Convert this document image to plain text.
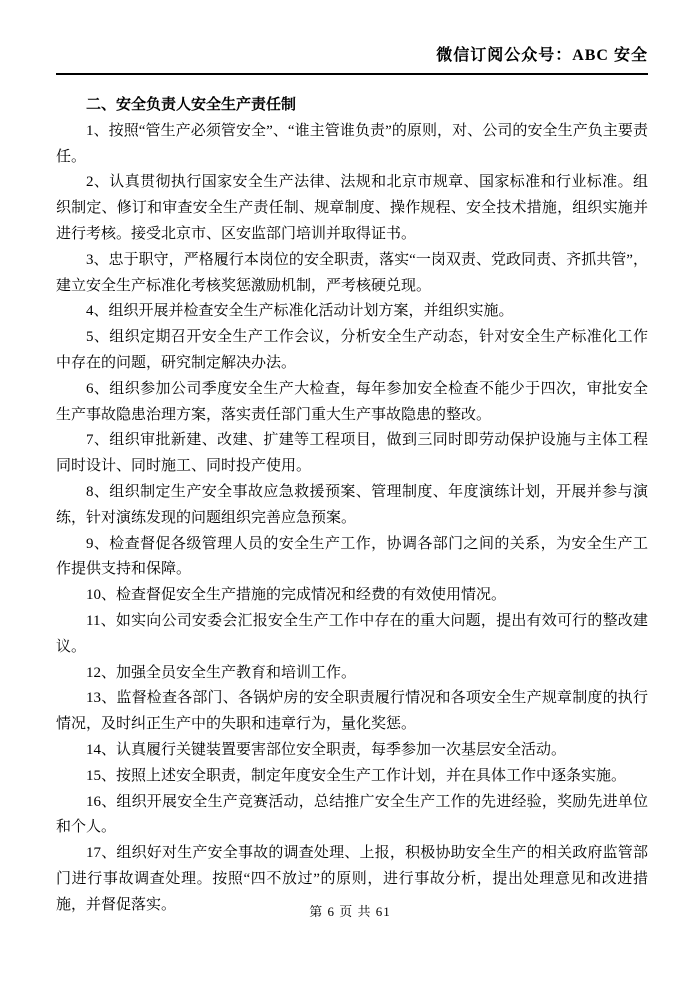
微信订阅公众号：ABC 安全
二、安全负责人安全生产责任制

1、按照“管生产必须管安全”、“谁主管谁负责”的原则，对、公司的安全生产负主要责任。

2、认真贯彻执行国家安全生产法律、法规和北京市规章、国家标准和行业标准。组织制定、修订和审查安全生产责任制、规章制度、操作规程、安全技术措施，组织实施并进行考核。接受北京市、区安监部门培训并取得证书。

3、忠于职守，严格履行本岗位的安全职责，落实“一岗双责、党政同责、齐抓共管”，建立安全生产标准化考核奖惩激励机制，严考核硬兑现。

4、组织开展并检查安全生产标准化活动计划方案，并组织实施。

5、组织定期召开安全生产工作会议，分析安全生产动态，针对安全生产标准化工作中存在的问题，研究制定解决办法。

6、组织参加公司季度安全生产大检查，每年参加安全检查不能少于四次，审批安全生产事故隐患治理方案，落实责任部门重大生产事故隐患的整改。

7、组织审批新建、改建、扩建等工程项目，做到三同时即劳动保护设施与主体工程同时设计、同时施工、同时投产使用。

8、组织制定生产安全事故应急救援预案、管理制度、年度演练计划，开展并参与演练，针对演练发现的问题组织完善应急预案。

9、检查督促各级管理人员的安全生产工作，协调各部门之间的关系，为安全生产工作提供支持和保障。

10、检查督促安全生产措施的完成情况和经费的有效使用情况。

11、如实向公司安委会汇报安全生产工作中存在的重大问题，提出有效可行的整改建议。

12、加强全员安全生产教育和培训工作。

13、监督检查各部门、各锅炉房的安全职责履行情况和各项安全生产规章制度的执行情况，及时纠正生产中的失职和违章行为，量化奖惩。

14、认真履行关键装置要害部位安全职责，每季参加一次基层安全活动。

15、按照上述安全职责，制定年度安全生产工作计划，并在具体工作中逐条实施。

16、组织开展安全生产竞赛活动，总结推广安全生产工作的先进经验，奖励先进单位和个人。

17、组织好对生产安全事故的调查处理、上报，积极协助安全生产的相关政府监管部门进行事故调查处理。按照“四不放过”的原则，进行事故分析，提出处理意见和改进措施，并督促落实。	第 6 页 共 61
